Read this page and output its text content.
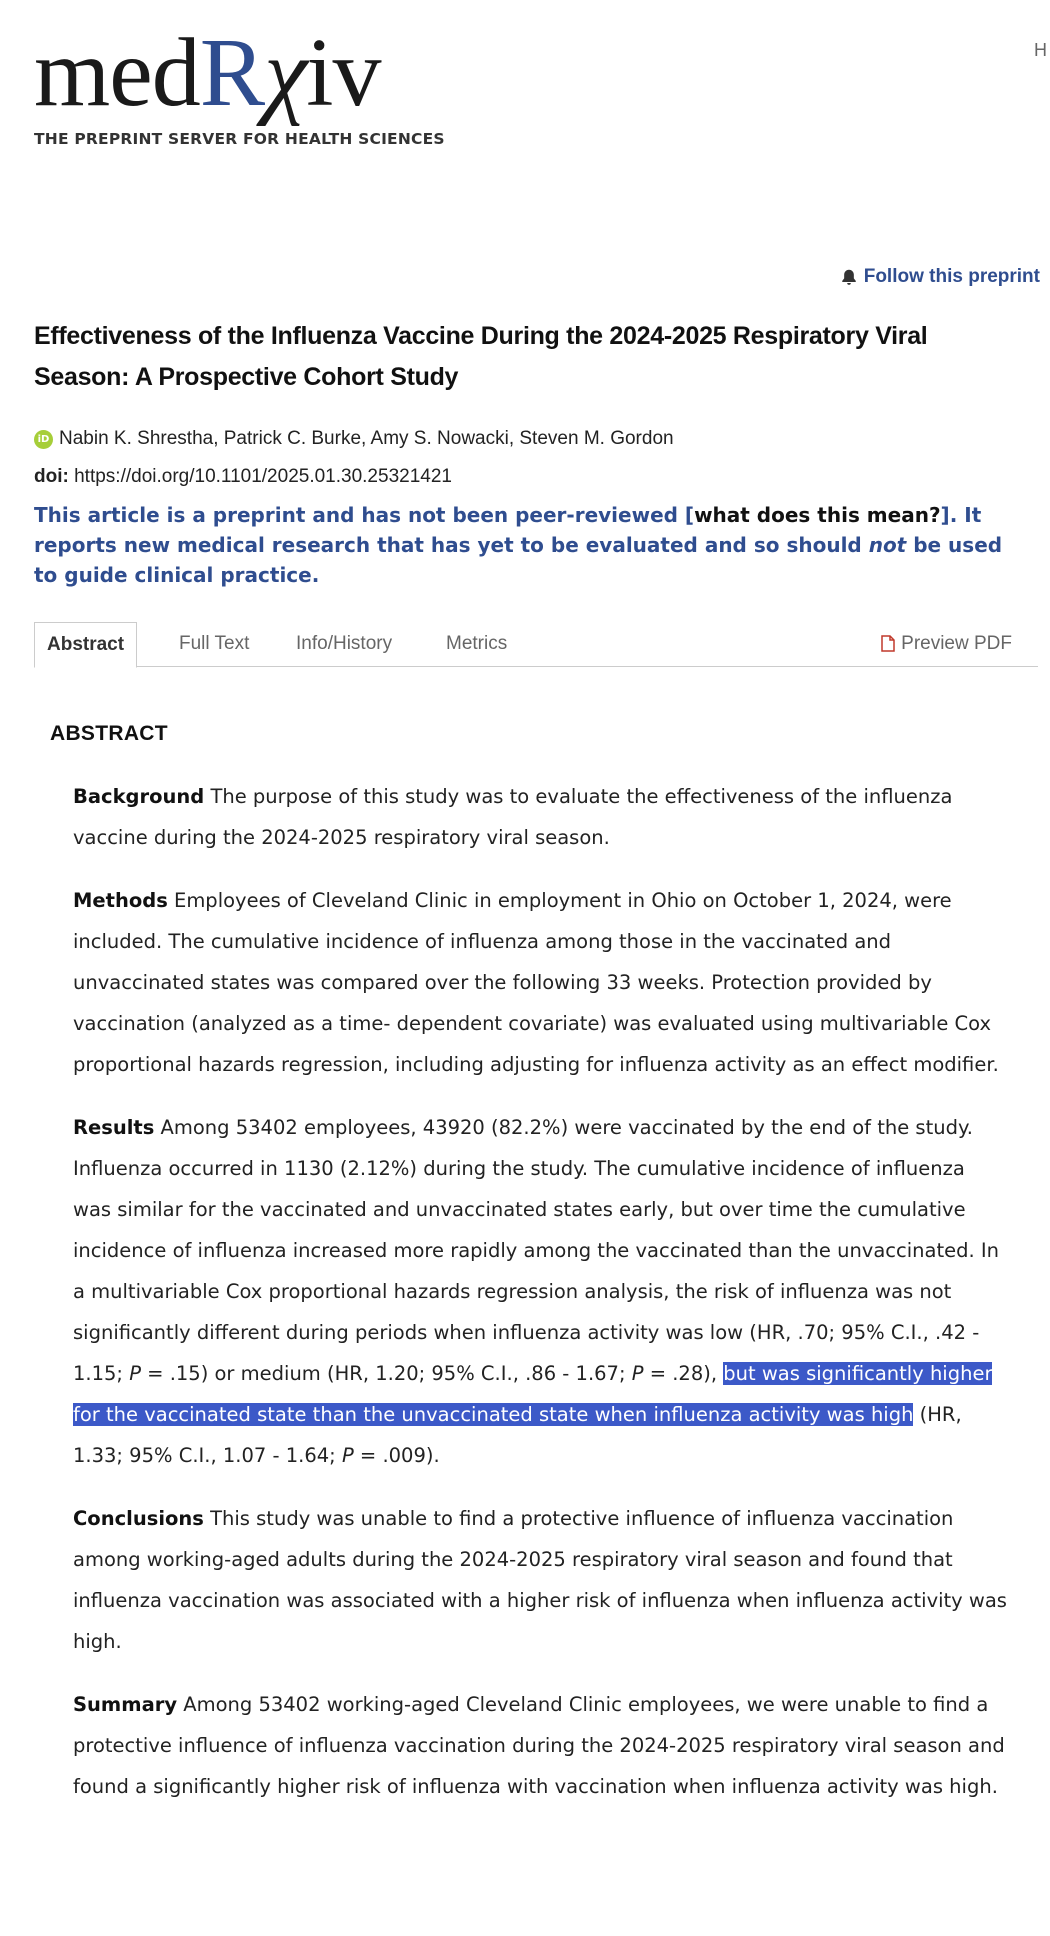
medRχiv
THE PREPRINT SERVER FOR HEALTH SCIENCES
H
Follow this preprint
Effectiveness of the Influenza Vaccine During the 2024-2025 Respiratory Viral Season: A Prospective Cohort Study
iD Nabin K. Shrestha, Patrick C. Burke, Amy S. Nowacki, Steven M. Gordon
doi: https://doi.org/10.1101/2025.01.30.25321421
This article is a preprint and has not been peer-reviewed [what does this mean?]. It reports new medical research that has yet to be evaluated and so should not be used to guide clinical practice.
Abstract	Full Text Info/History	Metrics	Preview PDF
ABSTRACT

Background The purpose of this study was to evaluate the effectiveness of the influenza vaccine during the 2024-2025 respiratory viral season.

Methods Employees of Cleveland Clinic in employment in Ohio on October 1, 2024, were included. The cumulative incidence of influenza among those in the vaccinated and unvaccinated states was compared over the following 33 weeks. Protection provided by vaccination (analyzed as a time- dependent covariate) was evaluated using multivariable Cox proportional hazards regression, including adjusting for influenza activity as an effect modifier.

Results Among 53402 employees, 43920 (82.2%) were vaccinated by the end of the study. Influenza occurred in 1130 (2.12%) during the study. The cumulative incidence of influenza was similar for the vaccinated and unvaccinated states early, but over time the cumulative incidence of influenza increased more rapidly among the vaccinated than the unvaccinated. In a multivariable Cox proportional hazards regression analysis, the risk of influenza was not significantly different during periods when influenza activity was low (HR, .70; 95% C.I., .42 - 1.15; P = .15) or medium (HR, 1.20; 95% C.I., .86 - 1.67; P = .28), but was significantly higher for the vaccinated state than the unvaccinated state when influenza activity was high (HR, 1.33; 95% C.I., 1.07 - 1.64; P = .009).

Conclusions This study was unable to find a protective influence of influenza vaccination among working-aged adults during the 2024-2025 respiratory viral season and found that influenza vaccination was associated with a higher risk of influenza when influenza activity was high.

Summary Among 53402 working-aged Cleveland Clinic employees, we were unable to find a protective influence of influenza vaccination during the 2024-2025 respiratory viral season and found a significantly higher risk of influenza with vaccination when influenza activity was high.
